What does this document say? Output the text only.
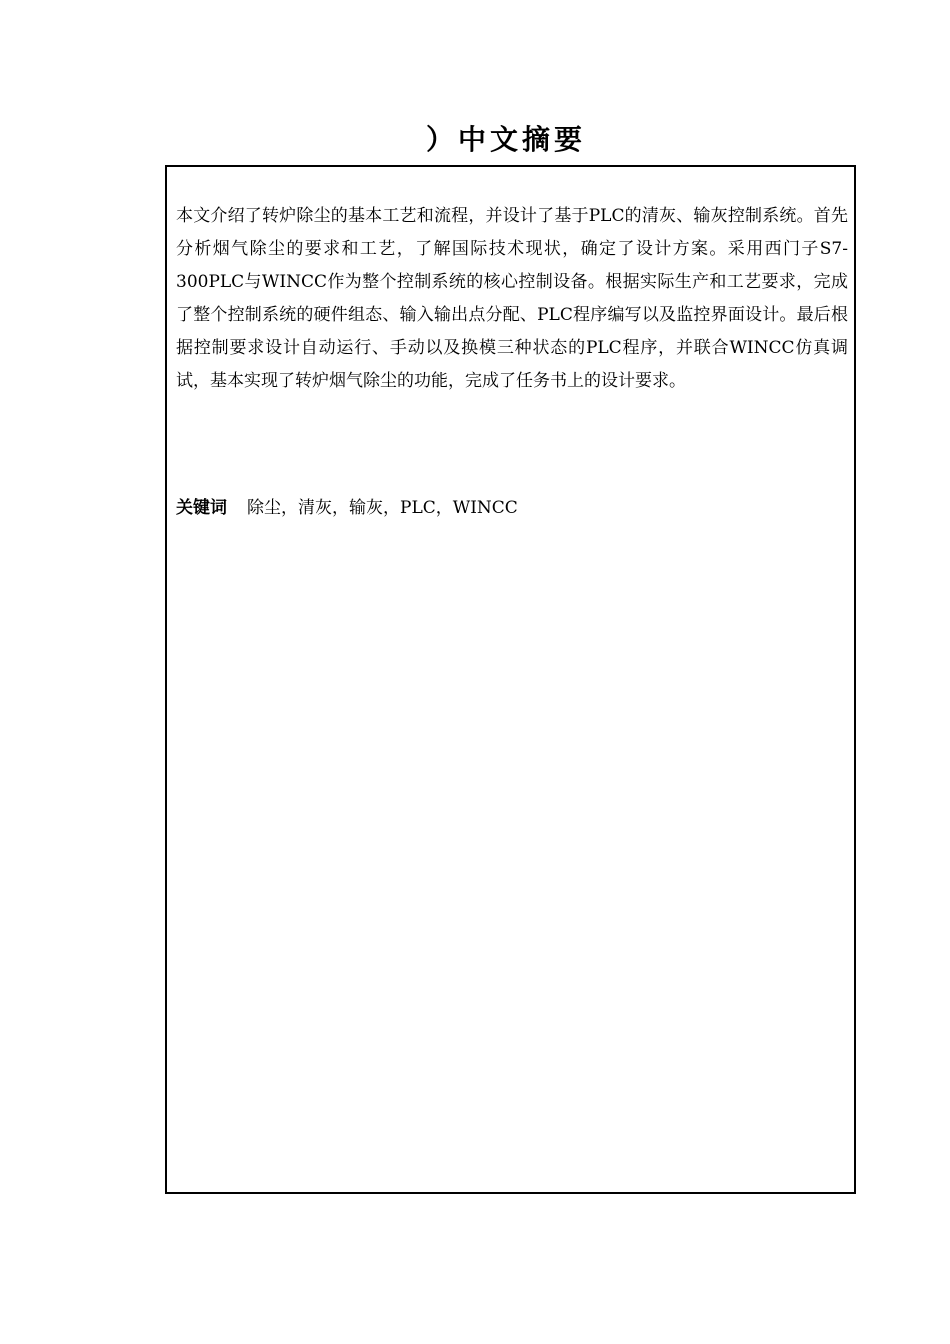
）中文摘要

本文介绍了转炉除尘的基本工艺和流程，并设计了基于PLC的清灰、输灰控制系统。首先分析烟气除尘的要求和工艺，了解国际技术现状，确定了设计方案。采用西门子S7-300PLC与WINCC作为整个控制系统的核心控制设备。根据实际生产和工艺要求，完成了整个控制系统的硬件组态、输入输出点分配、PLC程序编写以及监控界面设计。最后根据控制要求设计自动运行、手动以及换模三种状态的PLC程序，并联合WINCC仿真调试，基本实现了转炉烟气除尘的功能，完成了任务书上的设计要求。

关键词 除尘，清灰，输灰，PLC，WINCC
